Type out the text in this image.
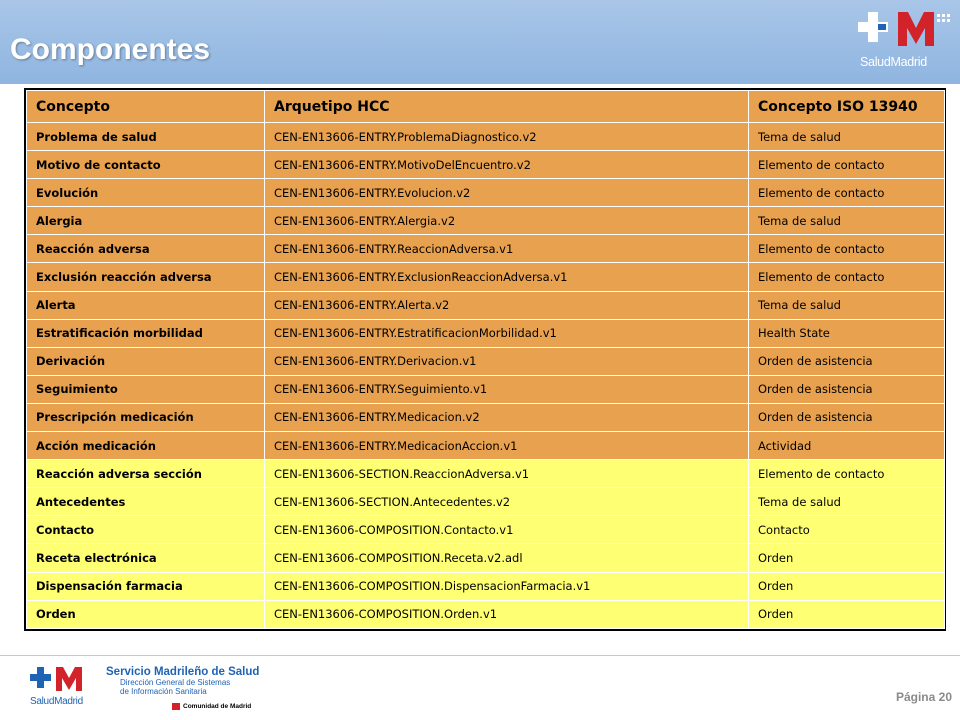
Componentes	SaludMadrid
Concepto	Arquetipo HCC	Concepto ISO 13940
Problema de salud	CEN-EN13606-ENTRY.ProblemaDiagnostico.v2	Tema de salud
Motivo de contacto	CEN-EN13606-ENTRY.MotivoDelEncuentro.v2	Elemento de contacto
Evolución	CEN-EN13606-ENTRY.Evolucion.v2	Elemento de contacto
Alergia	CEN-EN13606-ENTRY.Alergia.v2	Tema de salud
Reacción adversa	CEN-EN13606-ENTRY.ReaccionAdversa.v1	Elemento de contacto
Exclusión reacción adversa	CEN-EN13606-ENTRY.ExclusionReaccionAdversa.v1	Elemento de contacto
Alerta	CEN-EN13606-ENTRY.Alerta.v2	Tema de salud
Estratificación morbilidad	CEN-EN13606-ENTRY.EstratificacionMorbilidad.v1	Health State
Derivación	CEN-EN13606-ENTRY.Derivacion.v1	Orden de asistencia
Seguimiento	CEN-EN13606-ENTRY.Seguimiento.v1	Orden de asistencia
Prescripción medicación	CEN-EN13606-ENTRY.Medicacion.v2	Orden de asistencia
Acción medicación	CEN-EN13606-ENTRY.MedicacionAccion.v1	Actividad
Reacción adversa sección	CEN-EN13606-SECTION.ReaccionAdversa.v1	Elemento de contacto
Antecedentes	CEN-EN13606-SECTION.Antecedentes.v2	Tema de salud
Contacto	CEN-EN13606-COMPOSITION.Contacto.v1	Contacto
Receta electrónica	CEN-EN13606-COMPOSITION.Receta.v2.adl	Orden
Dispensación farmacia	CEN-EN13606-COMPOSITION.DispensacionFarmacia.v1	Orden
Orden	CEN-EN13606-COMPOSITION.Orden.v1	Orden
SaludMadrid
Servicio Madrileño de Salud
Dirección General de Sistemas
de Información Sanitaria
Comunidad de Madrid
Página 20
